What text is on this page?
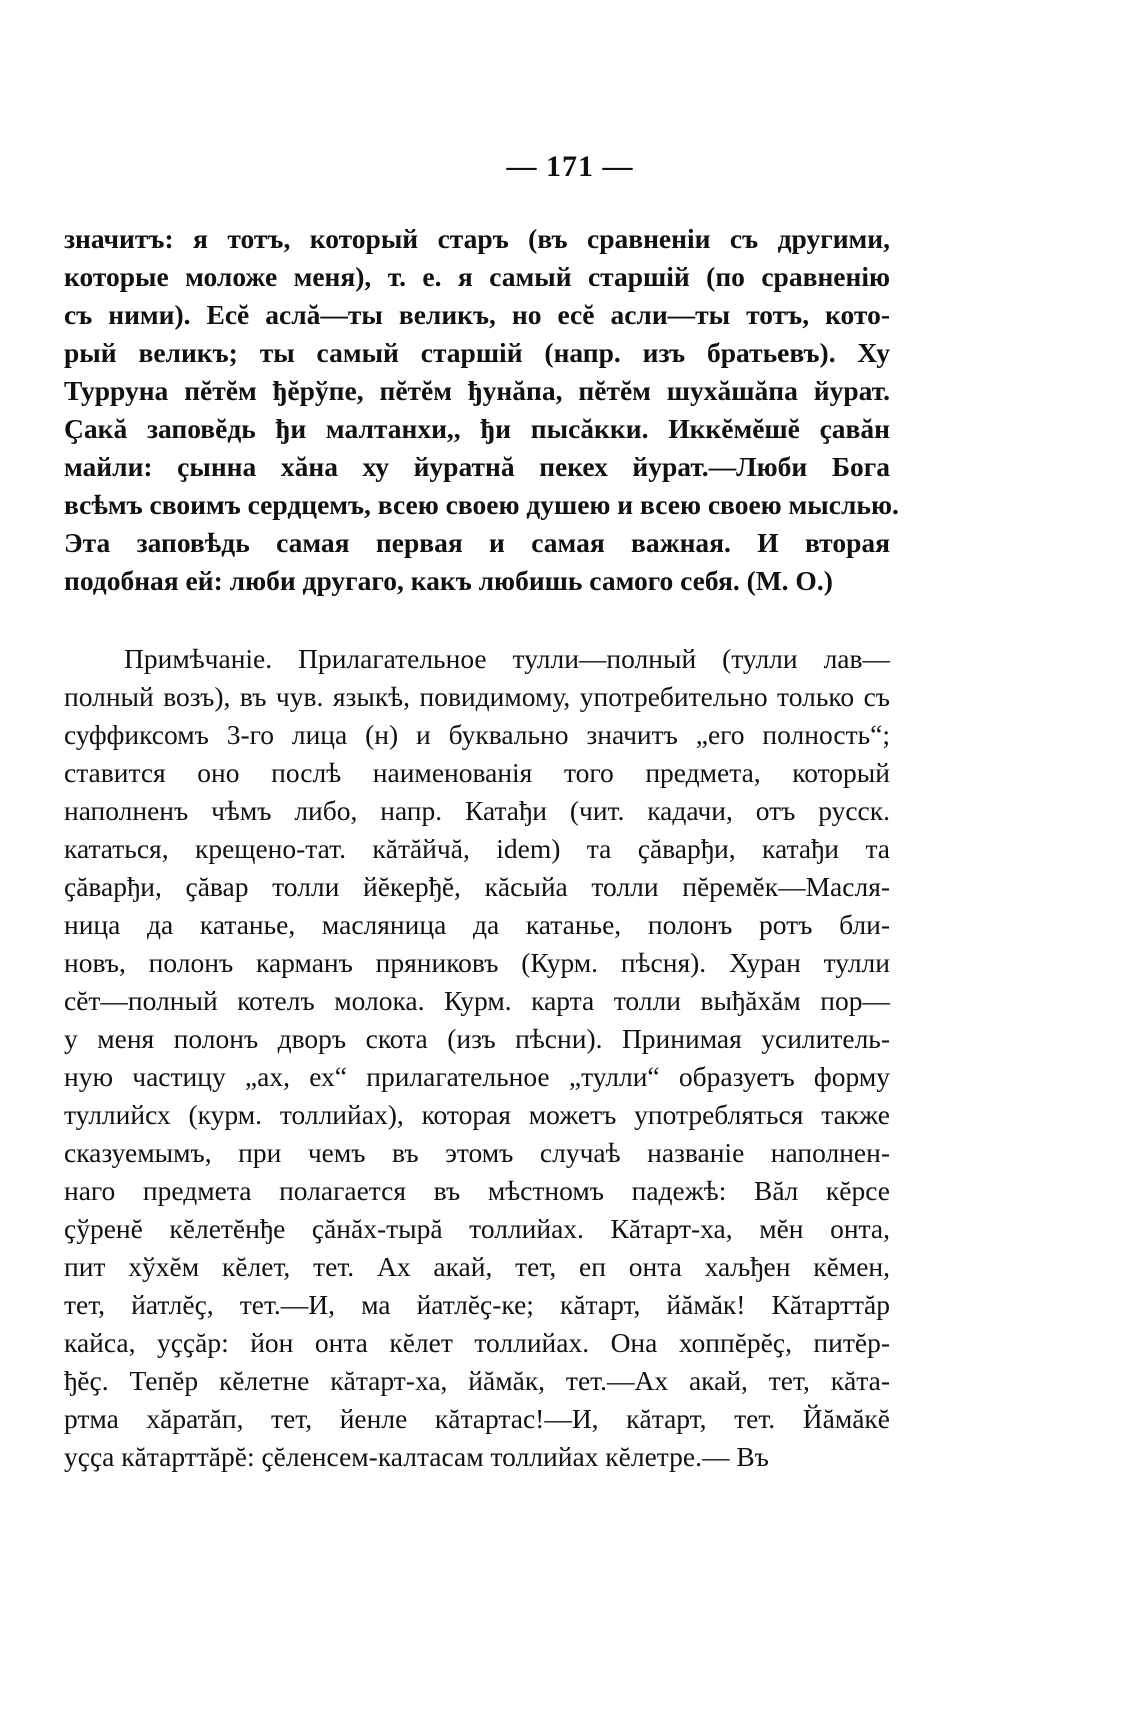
— 171 —
значитъ: я тотъ, который старъ (въ сравненіи съ другими,
которые моложе меня), т. е. я самый старшій (по сравненію
съ ними). Есĕ аслă—ты великъ, но есĕ асли—ты тотъ, кото-
рый великъ; ты самый старшій (напр. изъ братьевъ). Ху
Турруна пĕтĕм ђĕрўпе, пĕтĕм ђунăпа, пĕтĕм шухăшăпа йурат.
Ҫакă заповĕдь ђи малтанхи,, ђи пысăкки. Иккĕмĕшĕ ҫавăн
майли: ҫынна хăна ху йуратнă пекех йурат.—Люби Бога
всѣмъ своимъ сердцемъ, всею своею душею и всею своею мыслью.
Эта заповѣдь самая первая и самая важная. И вторая
подобная ей: люби другаго, какъ любишь самого себя. (М. О.)
Примѣчаніе. Прилагательное тулли—полный (тулли лав—
полный возъ), въ чув. языкѣ, повидимому, употребительно только съ
суффиксомъ 3-го лица (н) и буквально значитъ „его полность“;
ставится оно послѣ наименованія того предмета, который
наполненъ чѣмъ либо, напр. Катађи (чит. кадачи, отъ русск.
кататься, крещено-тат. кăтăйчă, idem) та ҫăварђи, катађи та
ҫăварђи, ҫăвар толли йĕкерђĕ, кăсыйа толли пĕремĕк—Масля-
ница да катанье, масляница да катанье, полонъ ротъ бли-
новъ, полонъ карманъ пряниковъ (Курм. пѣсня). Хуран тулли
сĕт—полный котелъ молока. Курм. карта толли выђăхăм пор—
у меня полонъ дворъ скота (изъ пѣсни). Принимая усилитель-
ную частицу „ах, ех“ прилагательное „тулли“ образуетъ форму
туллийсх (курм. толлийах), которая можетъ употребляться также
сказуемымъ, при чемъ въ этомъ случаѣ названіе наполнен-
наго предмета полагается въ мѣстномъ падежѣ: Вăл кĕрсе
ҫўренĕ кĕлетĕнђе ҫăнăх-тырă толлийах. Кăтарт-ха, мĕн онта,
пит хўхĕм кĕлет, тет. Ах акай, тет, еп онта хаљђен кĕмен,
тет, йатлĕҫ, тет.—И, ма йатлĕҫ-ке; кăтарт, йăмăк! Кăтарттăр
кайса, уҫҫăр: йон онта кĕлет толлийах. Она хоппĕрĕҫ, питĕр-
ђĕҫ. Тепĕр кĕлетне кăтарт-ха, йăмăк, тет.—Ах акай, тет, кăта-
ртма хăратăп, тет, йенле кăтартас!—И, кăтарт, тет. Йăмăкĕ
уҫҫа кăтарттăрĕ: ҫĕленсем-калтасам толлийах кĕлетре.— Въ
